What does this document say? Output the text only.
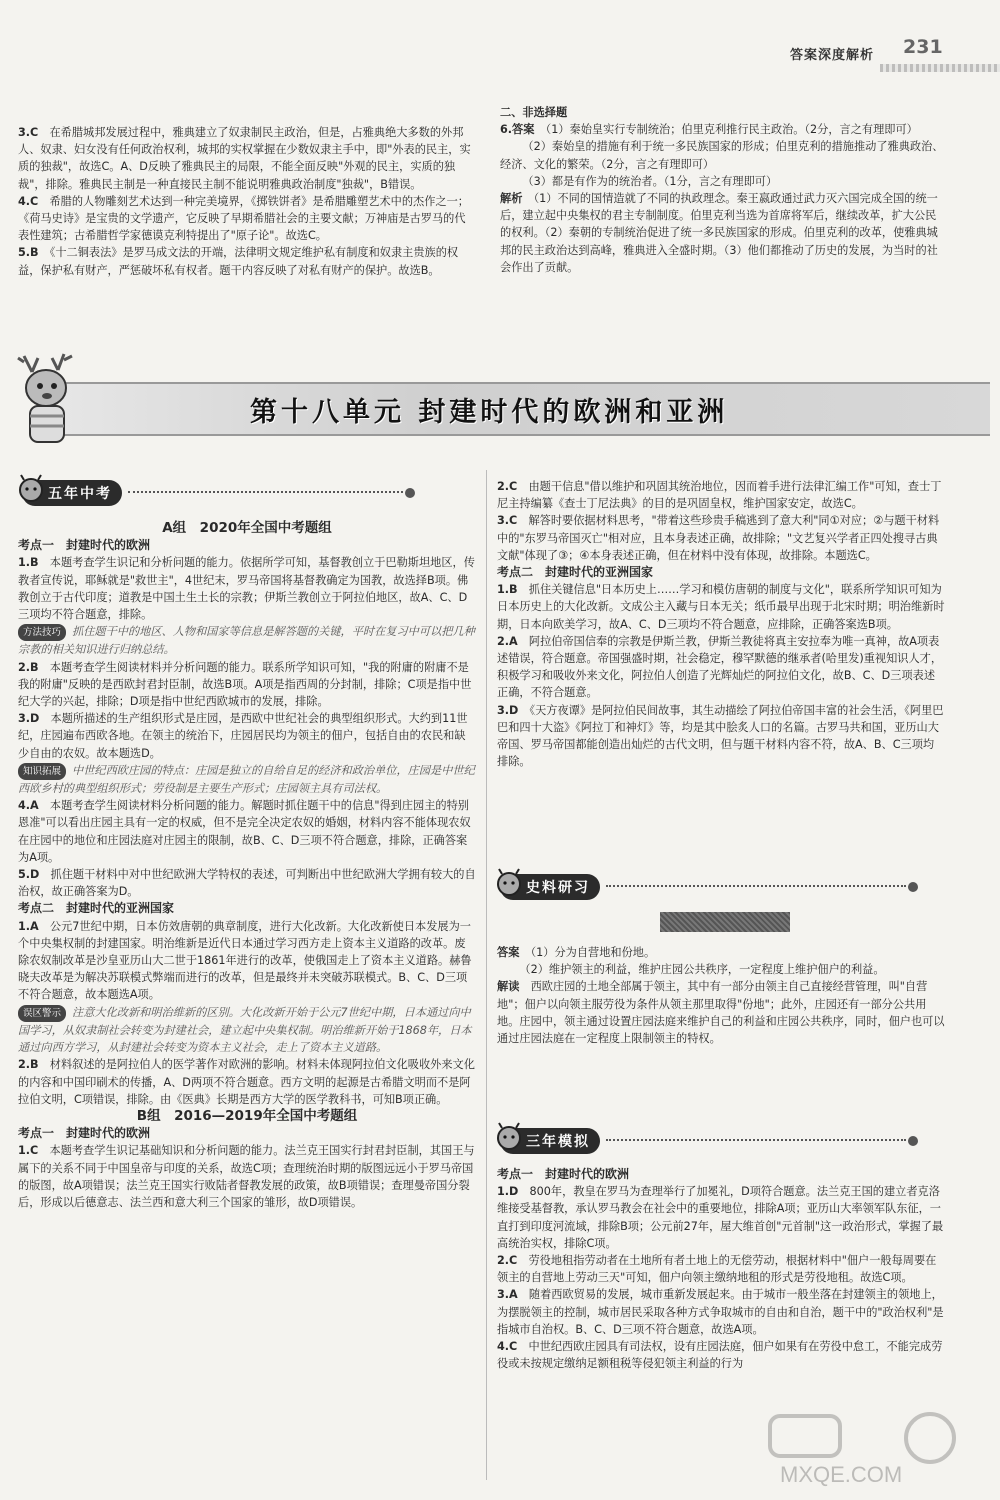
答案深度解析 231

3.C　 在希腊城邦发展过程中，雅典建立了奴隶制民主政治，但是，占雅典绝大多数的外邦人、奴隶、妇女没有任何政治权利，城邦的实权掌握在少数奴隶主手中，即"外表的民主，实质的独裁"，故选C。A、D反映了雅典民主的局限，不能全面反映"外观的民主，实质的独裁"，排除。雅典民主制是一种直接民主制不能说明雅典政治制度"独裁"，B错误。

4.C　 希腊的人物雕刻艺术达到一种完美境界，《掷铁饼者》是希腊雕塑艺术中的杰作之一；《荷马史诗》是宝贵的文学遗产，它反映了早期希腊社会的主要文献；万神庙是古罗马的代表性建筑；古希腊哲学家德谟克利特提出了"原子论"。故选C。

5.B　 《十二铜表法》是罗马成文法的开端，法律明文规定维护私有制度和奴隶主贵族的权益，保护私有财产，严惩破坏私有权者。题干内容反映了对私有财产的保护。故选B。

二、非选择题

6.答案　 （1）秦始皇实行专制统治；伯里克利推行民主政治。（2分，言之有理即可）

（2）秦始皇的措施有利于统一多民族国家的形成；伯里克利的措施推动了雅典政治、经济、文化的繁荣。（2分，言之有理即可）

（3）都是有作为的统治者。（1分，言之有理即可）

解析　 （1）不同的国情造就了不同的执政理念。秦王嬴政通过武力灭六国完成全国的统一后，建立起中央集权的君主专制制度。伯里克利当选为首席将军后，继续改革，扩大公民的权利。（2）秦朝的专制统治促进了统一多民族国家的形成。伯里克利的改革，使雅典城邦的民主政治达到高峰，雅典进入全盛时期。（3）他们都推动了历史的发展，为当时的社会作出了贡献。

第十八单元 封建时代的欧洲和亚洲
五年中考

A组　2020年全国中考题组

考点一　封建时代的欧洲

1.B　 本题考查学生识记和分析问题的能力。依据所学可知，基督教创立于巴勒斯坦地区，传教者宣传说，耶稣就是"救世主"，4世纪末，罗马帝国将基督教确定为国教，故选择B项。佛教创立于古代印度；道教是中国土生土长的宗教；伊斯兰教创立于阿拉伯地区，故A、C、D三项均不符合题意，排除。

方法技巧 抓住题干中的地区、人物和国家等信息是解答题的关键，平时在复习中可以把几种宗教的相关知识进行归纳总结。

2.B　 本题考查学生阅读材料并分析问题的能力。联系所学知识可知，"我的附庸的附庸不是我的附庸"反映的是西欧封君封臣制，故选B项。A项是指西周的分封制，排除；C项是指中世纪大学的兴起，排除；D项是指中世纪西欧城市的发展，排除。

3.D　 本题所描述的生产组织形式是庄园，是西欧中世纪社会的典型组织形式。大约到11世纪，庄园遍布西欧各地。在领主的统治下，庄园居民均为领主的佃户，包括自由的农民和缺少自由的农奴。故本题选D。

知识拓展 中世纪西欧庄园的特点：庄园是独立的自给自足的经济和政治单位，庄园是中世纪西欧乡村的典型组织形式；劳役制是主要生产形式；庄园领主具有司法权。

4.A　 本题考查学生阅读材料分析问题的能力。解题时抓住题干中的信息"得到庄园主的特别恩准"可以看出庄园主具有一定的权威，但不是完全决定农奴的婚姻，材料内容不能体现农奴在庄园中的地位和庄园法庭对庄园主的限制，故B、C、D三项不符合题意，排除，正确答案为A项。

5.D　 抓住题干材料中对中世纪欧洲大学特权的表述，可判断出中世纪欧洲大学拥有较大的自治权，故正确答案为D。

考点二　封建时代的亚洲国家

1.A　 公元7世纪中期，日本仿效唐朝的典章制度，进行大化改新。大化改新使日本发展为一个中央集权制的封建国家。明治维新是近代日本通过学习西方走上资本主义道路的改革。废除农奴制改革是沙皇亚历山大二世于1861年进行的改革，使俄国走上了资本主义道路。赫鲁晓夫改革是为解决苏联模式弊端而进行的改革，但是最终并未突破苏联模式。B、C、D三项不符合题意，故本题选A项。

误区警示 注意大化改新和明治维新的区别。大化改新开始于公元7世纪中期，日本通过向中国学习，从奴隶制社会转变为封建社会，建立起中央集权制。明治维新开始于1868年，日本通过向西方学习，从封建社会转变为资本主义社会，走上了资本主义道路。

2.B　 材料叙述的是阿拉伯人的医学著作对欧洲的影响。材料未体现阿拉伯文化吸收外来文化的内容和中国印刷术的传播，A、D两项不符合题意。西方文明的起源是古希腊文明而不是阿拉伯文明，C项错误，排除。由《医典》长期是西方大学的医学教科书，可知B项正确。

B组　2016—2019年全国中考题组

考点一　封建时代的欧洲

1.C　 本题考查学生识记基础知识和分析问题的能力。法兰克王国实行封君封臣制，其国王与属下的关系不同于中国皇帝与印度的关系，故选C项；查理统治时期的版图远远小于罗马帝国的版图，故A项错误；法兰克王国实行败陆者督教发展的政策，故B项错误；查理曼帝国分裂后，形成以后德意志、法兰西和意大利三个国家的雏形，故D项错误。

2.C　 由题干信息"借以维护和巩固其统治地位，因而着手进行法律汇编工作"可知，查士丁尼主持编纂《查士丁尼法典》的目的是巩固皇权，维护国家安定，故选C。

3.C　 解答时要依据材料思考，"带着这些珍贵手稿逃到了意大利"同①对应；②与题干材料中的"东罗马帝国灭亡"相对应，且本身表述正确，故排除；"文艺复兴学者正四处搜寻古典文献"体现了③；④本身表述正确，但在材料中没有体现，故排除。本题选C。

考点二　封建时代的亚洲国家

1.B　 抓住关键信息"日本历史上……学习和模仿唐朝的制度与文化"，联系所学知识可知为日本历史上的大化改新。文成公主入藏与日本无关；纸币最早出现于北宋时期；明治维新时期，日本向欧美学习，故A、C、D三项均不符合题意，应排除，正确答案选B项。

2.A　 阿拉伯帝国信奉的宗教是伊斯兰教，伊斯兰教徒将真主安拉奉为唯一真神，故A项表述错误，符合题意。帝国强盛时期，社会稳定，穆罕默德的继承者(哈里发)重视知识人才，积极学习和吸收外来文化，阿拉伯人创造了光辉灿烂的阿拉伯文化，故B、C、D三项表述正确，不符合题意。

3.D　 《天方夜谭》是阿拉伯民间故事，其生动描绘了阿拉伯帝国丰富的社会生活，《阿里巴巴和四十大盗》《阿拉丁和神灯》等，均是其中脍炙人口的名篇。古罗马共和国，亚历山大帝国、罗马帝国都能创造出灿烂的古代文明，但与题干材料内容不符，故A、B、C三项均排除。

史料研习

答案　 （1）分为自营地和份地。

（2）维护领主的利益，维护庄园公共秩序，一定程度上维护佃户的利益。

解读　 西欧庄园的土地全部属于领主，其中有一部分由领主自己直接经营管理，叫"自营地"；佃户以向领主服劳役为条件从领主那里取得"份地"；此外，庄园还有一部分公共用地。庄园中，领主通过设置庄园法庭来维护自己的利益和庄园公共秩序，同时，佃户也可以通过庄园法庭在一定程度上限制领主的特权。

三年模拟

考点一　封建时代的欧洲

1.D　 800年，教皇在罗马为查理举行了加冕礼，D项符合题意。法兰克王国的建立者克洛维接受基督教，承认罗马教会在社会中的重要地位，排除A项；亚历山大率领军队东征，一直打到印度河流域，排除B项；公元前27年，屋大维首创"元首制"这一政治形式，掌握了最高统治实权，排除C项。

2.C　 劳役地租指劳动者在土地所有者土地上的无偿劳动，根据材料中"佃户一般每周要在领主的自营地上劳动三天"可知，佃户向领主缴纳地租的形式是劳役地租。故选C项。

3.A　 随着西欧贸易的发展，城市重新发展起来。由于城市一般坐落在封建领主的领地上，为摆脱领主的控制，城市居民采取各种方式争取城市的自由和自治，题干中的"政治权利"是指城市自治权。B、C、D三项不符合题意，故选A项。

4.C　 中世纪西欧庄园具有司法权，设有庄园法庭，佃户如果有在劳役中怠工，不能完成劳役或未按规定缴纳足额租税等侵犯领主利益的行为

MXQE.COM
